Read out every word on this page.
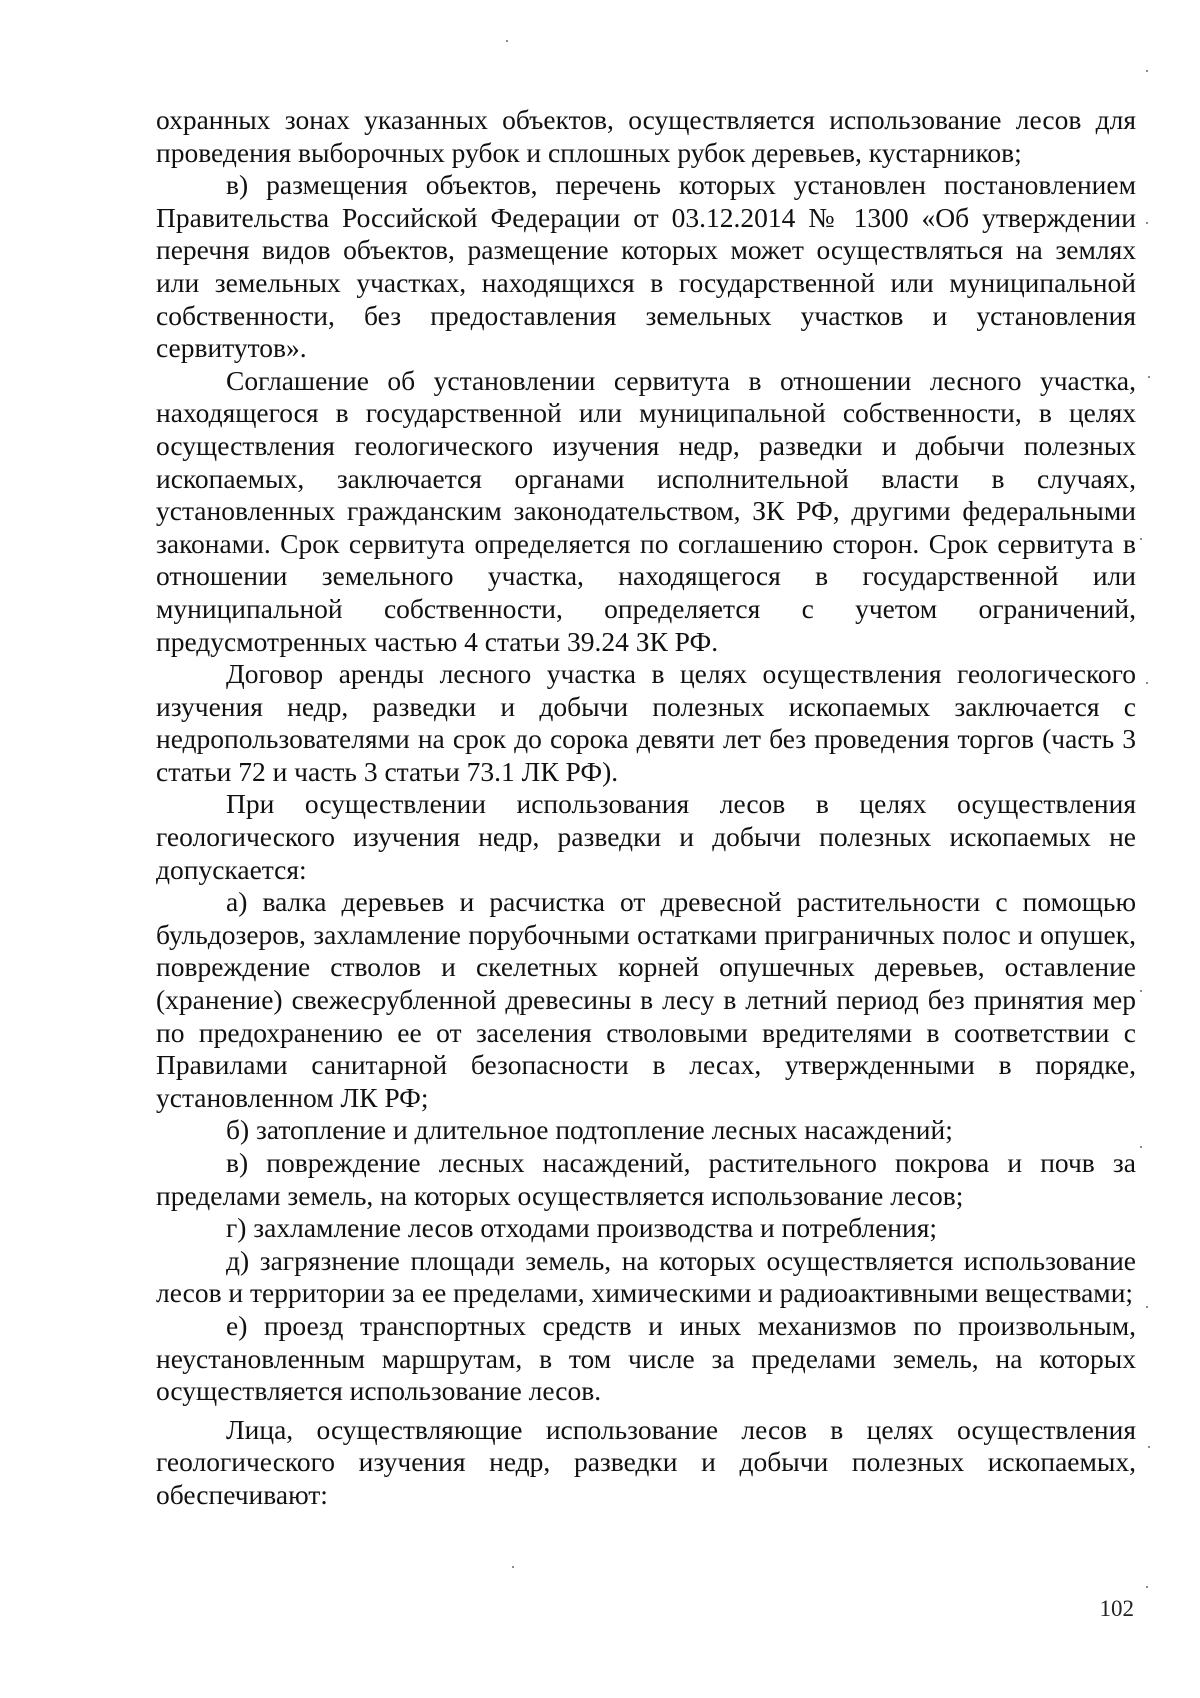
охранных зонах указанных объектов, осуществляется использование лесов для проведения выборочных рубок и сплошных рубок деревьев, кустарников;

в) размещения объектов, перечень которых установлен постановлением Правительства Российской Федерации от 03.12.2014 № 1300 «Об утверждении перечня видов объектов, размещение которых может осуществляться на землях или земельных участках, находящихся в государственной или муниципальной собственности, без предоставления земельных участков и установления сервитутов».

Соглашение об установлении сервитута в отношении лесного участка, находящегося в государственной или муниципальной собственности, в целях осуществления геологического изучения недр, разведки и добычи полезных ископаемых, заключается органами исполнительной власти в случаях, установленных гражданским законодательством, ЗК РФ, другими федеральными законами. Срок сервитута определяется по соглашению сторон. Срок сервитута в отношении земельного участка, находящегося в государственной или муниципальной собственности, определяется с учетом ограничений, предусмотренных частью 4 статьи 39.24 ЗК РФ.

Договор аренды лесного участка в целях осуществления геологического изучения недр, разведки и добычи полезных ископаемых заключается с недропользователями на срок до сорока девяти лет без проведения торгов (часть 3 статьи 72 и часть 3 статьи 73.1 ЛК РФ).

При осуществлении использования лесов в целях осуществления геологического изучения недр, разведки и добычи полезных ископаемых не допускается:

а) валка деревьев и расчистка от древесной растительности с помощью бульдозеров, захламление порубочными остатками приграничных полос и опушек, повреждение стволов и скелетных корней опушечных деревьев, оставление (хранение) свежесрубленной древесины в лесу в летний период без принятия мер по предохранению ее от заселения стволовыми вредителями в соответствии с Правилами санитарной безопасности в лесах, утвержденными в порядке, установленном ЛК РФ;

б) затопление и длительное подтопление лесных насаждений;

в) повреждение лесных насаждений, растительного покрова и почв за пределами земель, на которых осуществляется использование лесов;

г) захламление лесов отходами производства и потребления;

д) загрязнение площади земель, на которых осуществляется использование лесов и территории за ее пределами, химическими и радиоактивными веществами;

е) проезд транспортных средств и иных механизмов по произвольным, неустановленным маршрутам, в том числе за пределами земель, на которых осуществляется использование лесов.

Лица, осуществляющие использование лесов в целях осуществления геологического изучения недр, разведки и добычи полезных ископаемых, обеспечивают:

102
